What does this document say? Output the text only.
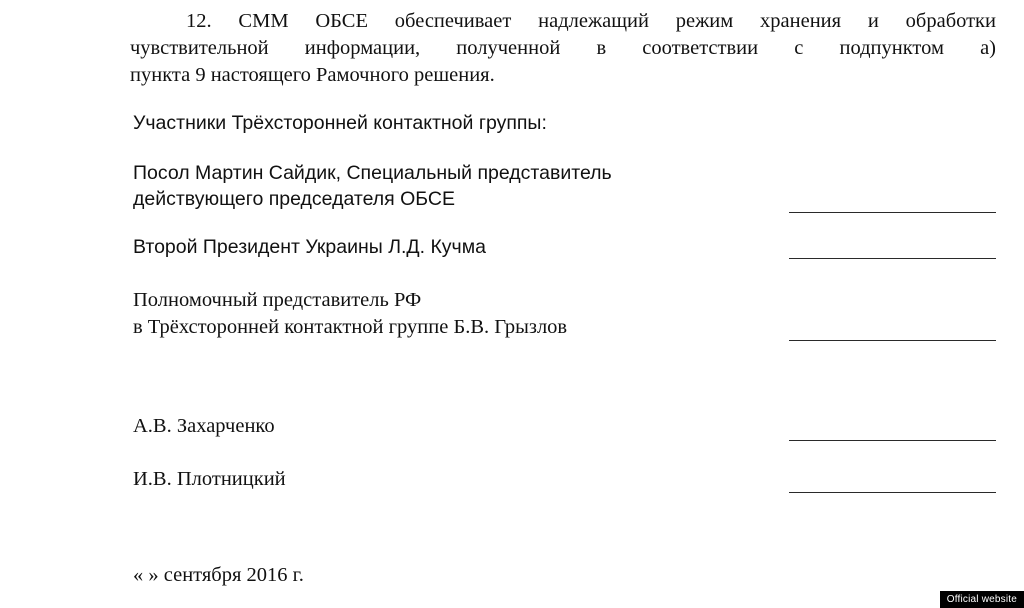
12. СММ ОБСЕ обеспечивает надлежащий режим хранения и обработки
чувствительной информации, полученной в соответствии с подпунктом а)
пункта 9 настоящего Рамочного решения.
Участники Трёхсторонней контактной группы:
Посол Мартин Сайдик, Специальный представитель
действующего председателя ОБСЕ
Второй Президент Украины Л.Д. Кучма
Полномочный представитель РФ
в Трёхсторонней контактной группе Б.В. Грызлов
А.В. Захарченко
И.В. Плотницкий
« » сентября 2016 г.
Official website
